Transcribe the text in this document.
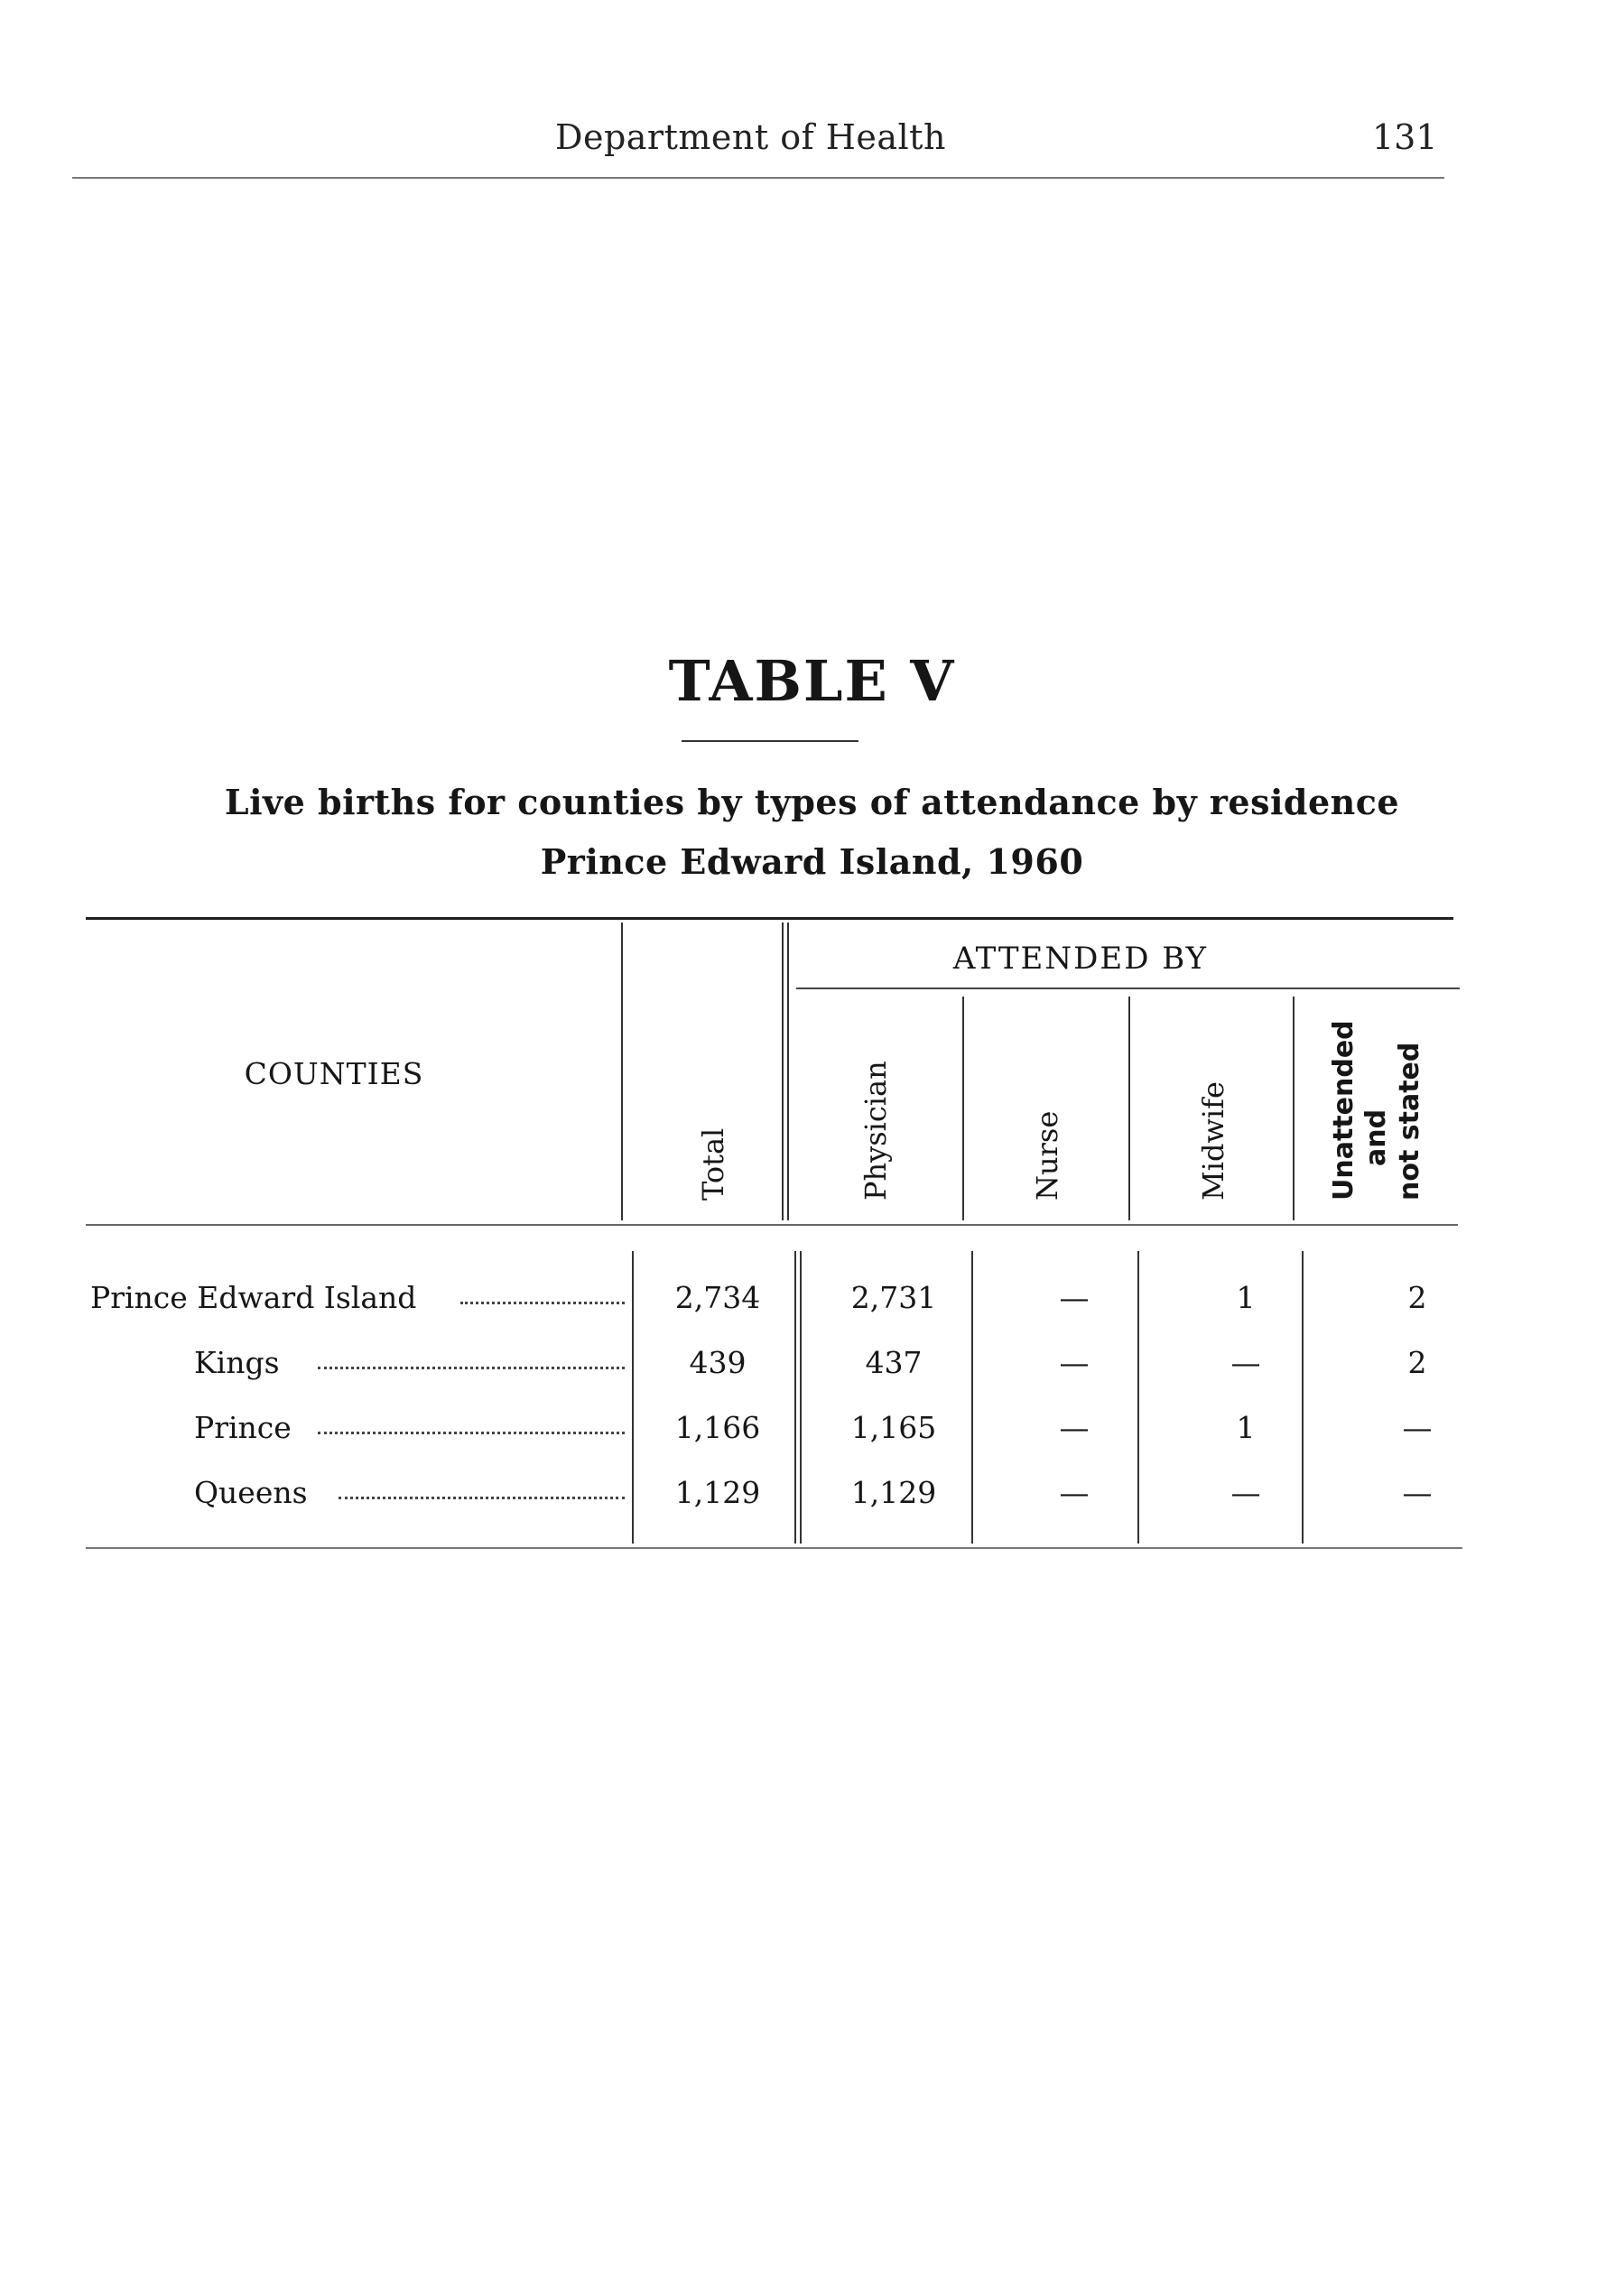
Department of Health	131
TABLE V
Live births for counties by types of attendance by residence
Prince Edward Island, 1960
COUNTIES
ATTENDED BY
Total	Physician	Nurse	Midwife	Unattended and not stated
Prince Edward Island	2,734	2,731	—	1	2
Kings	439	437	—	—	2
Prince	1,166	1,165	—	1	—
Queens	1,129	1,129	—	—	—
